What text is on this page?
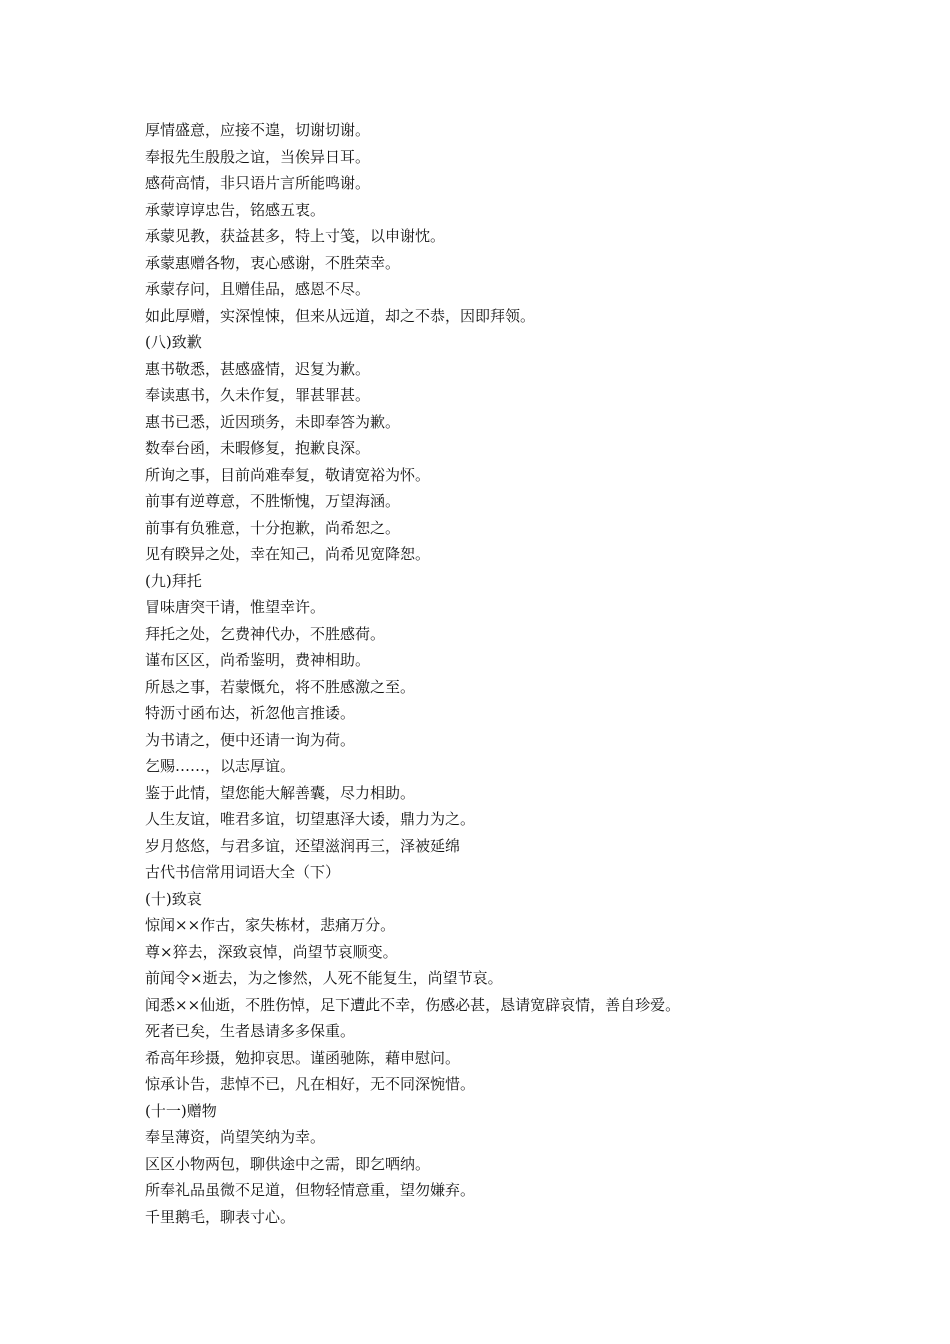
厚情盛意，应接不遑，切谢切谢。
奉报先生殷殷之谊，当俟异日耳。
感荷高情，非只语片言所能鸣谢。
承蒙谆谆忠告，铭感五衷。
承蒙见教，获益甚多，特上寸笺，以申谢忱。
承蒙惠赠各物，衷心感谢，不胜荣幸。
承蒙存问，且赠佳品，感恩不尽。
如此厚赠，实深惶悚，但来从远道，却之不恭，因即拜领。
(八)致歉
惠书敬悉，甚感盛情，迟复为歉。
奉读惠书，久未作复，罪甚罪甚。
惠书已悉，近因琐务，未即奉答为歉。
数奉台函，未暇修复，抱歉良深。
所询之事，目前尚难奉复，敬请宽裕为怀。
前事有逆尊意，不胜惭愧，万望海涵。
前事有负雅意，十分抱歉，尚希恕之。
见有睽异之处，幸在知己，尚希见宽降恕。
(九)拜托
冒味唐突干请，惟望幸许。
拜托之处，乞费神代办，不胜感荷。
谨布区区，尚希鉴明，费神相助。
所恳之事，若蒙慨允，将不胜感激之至。
特沥寸函布达，祈忽他言推诿。
为书请之，便中还请一询为荷。
乞赐……，以志厚谊。
鉴于此情，望您能大解善囊，尽力相助。
人生友谊，唯君多谊，切望惠泽大诿，鼎力为之。
岁月悠悠，与君多谊，还望滋润再三，泽被延绵
古代书信常用词语大全（下）
(十)致哀
惊闻××作古，家失栋材，悲痛万分。
尊×猝去，深致哀悼，尚望节哀顺变。
前闻令×逝去，为之惨然，人死不能复生，尚望节哀。
闻悉××仙逝，不胜伤悼，足下遭此不幸，伤感必甚，恳请宽辟哀情，善自珍爱。
死者已矣，生者恳请多多保重。
希高年珍摄，勉抑哀思。谨函驰陈，藉申慰问。
惊承讣告，悲悼不已，凡在相好，无不同深惋惜。
(十一)赠物
奉呈薄资，尚望笑纳为幸。
区区小物两包，聊供途中之需，即乞哂纳。
所奉礼品虽微不足道，但物轻情意重，望勿嫌弃。
千里鹅毛，聊表寸心。
